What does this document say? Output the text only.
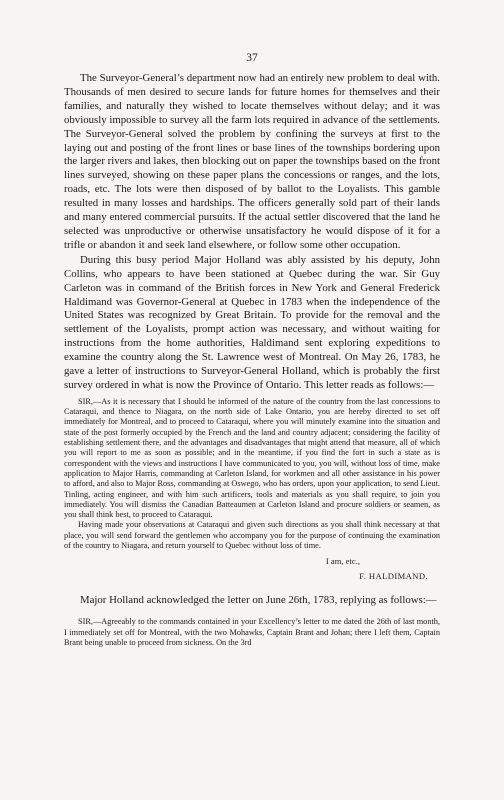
37

The Surveyor-General’s department now had an entirely new problem to deal with. Thousands of men desired to secure lands for future homes for themselves and their families, and naturally they wished to locate themselves without delay; and it was obviously impossible to survey all the farm lots required in advance of the settlements. The Surveyor-General solved the problem by confining the surveys at first to the laying out and posting of the front lines or base lines of the townships bordering upon the larger rivers and lakes, then blocking out on paper the townships based on the front lines surveyed, showing on these paper plans the concessions or ranges, and the lots, roads, etc. The lots were then disposed of by ballot to the Loyalists. This gamble resulted in many losses and hardships. The officers generally sold part of their lands and many entered commercial pursuits. If the actual settler discovered that the land he selected was unproductive or otherwise unsatisfactory he would dispose of it for a trifle or abandon it and seek land elsewhere, or follow some other occupation.

During this busy period Major Holland was ably assisted by his deputy, John Collins, who appears to have been stationed at Quebec during the war. Sir Guy Carleton was in command of the British forces in New York and General Frederick Haldimand was Governor-General at Quebec in 1783 when the independence of the United States was recognized by Great Britain. To provide for the removal and the settlement of the Loyalists, prompt action was necessary, and without waiting for instructions from the home authorities, Haldimand sent exploring expeditions to examine the country along the St. Lawrence west of Montreal. On May 26, 1783, he gave a letter of instructions to Surveyor-General Holland, which is probably the first survey ordered in what is now the Province of Ontario. This letter reads as follows:—

SIR,—As it is necessary that I should be informed of the nature of the country from the last concessions to Cataraqui, and thence to Niagara, on the north side of Lake Ontario, you are hereby directed to set off immediately for Montreal, and to proceed to Cataraqui, where you will minutely examine into the situation and state of the post formerly occupied by the French and the land and country adjacent; considering the facility of establishing settlement there, and the advantages and disadvantages that might attend that measure, all of which you will report to me as soon as possible; and in the meantime, if you find the fort in such a state as is correspondent with the views and instructions I have communicated to you, you will, without loss of time, make application to Major Harris, commanding at Carleton Island, for workmen and all other assistance in his power to afford, and also to Major Ross, commanding at Oswego, who has orders, upon your application, to send Lieut. Tinling, acting engineer, and with him such artificers, tools and materials as you shall require, to join you immediately. You will dismiss the Canadian Batteaumen at Carleton Island and procure soldiers or seamen, as you shall think best, to proceed to Cataraqui.

Having made your observations at Cataraqui and given such directions as you shall think necessary at that place, you will send forward the gentlemen who accompany you for the purpose of continuing the examination of the country to Niagara, and return yourself to Quebec without loss of time.

I am, etc.,

F. HALDIMAND.

Major Holland acknowledged the letter on June 26th, 1783, replying as follows:—

SIR,—Agreeably to the commands contained in your Excellency’s letter to me dated the 26th of last month, I immediately set off for Montreal, with the two Mohawks, Captain Brant and Johan; there I left them, Captain Brant being unable to proceed from sickness. On the 3rd
